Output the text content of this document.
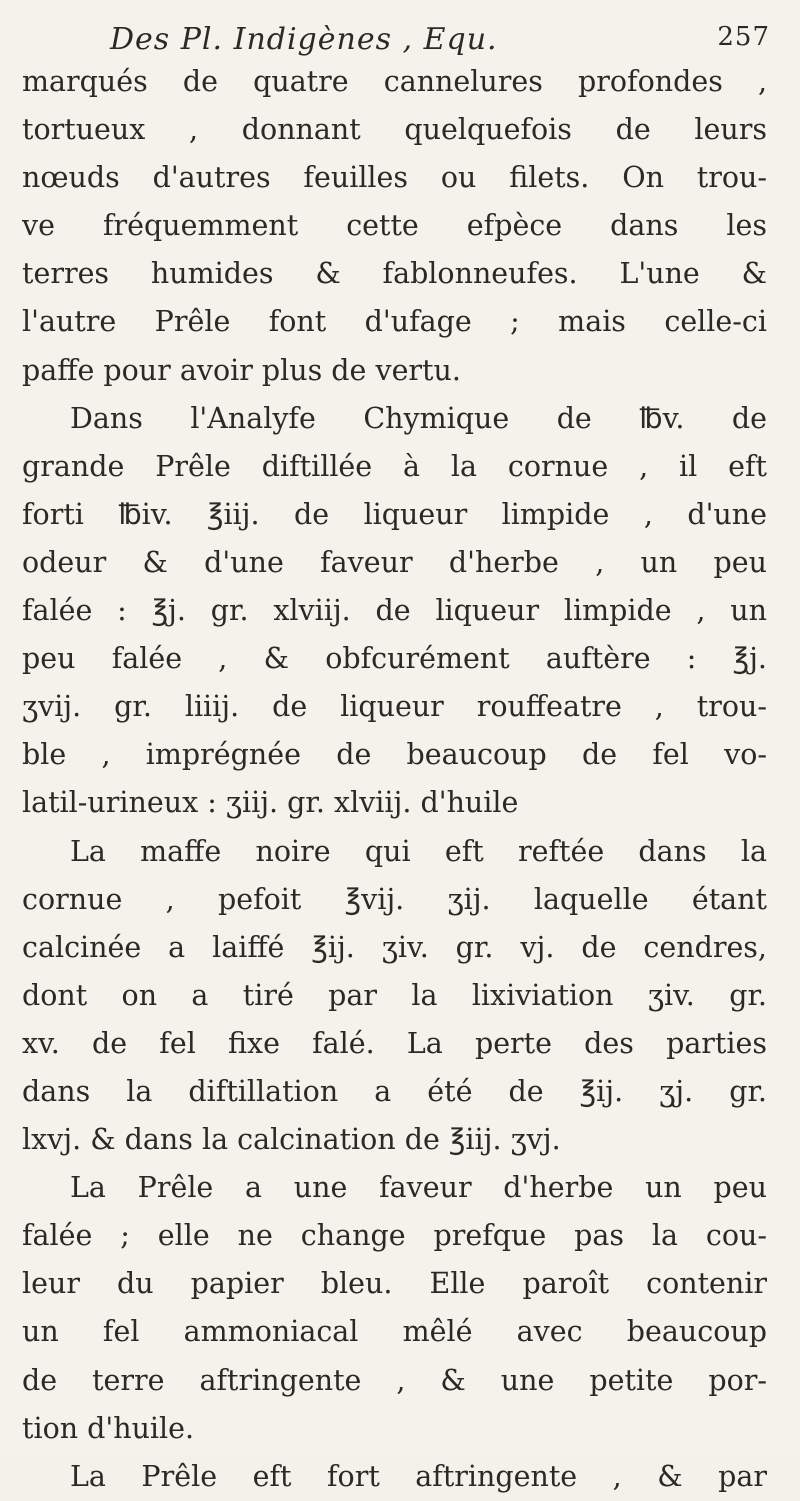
Des Pl. Indigènes , Equ.	257
marqués de quatre cannelures profondes ,
tortueux , donnant quelquefois de leurs
nœuds d'autres feuilles ou filets. On trou-
ve fréquemment cette efpèce dans les
terres humides & fablonneufes. L'une &
l'autre Prêle font d'ufage ; mais celle-ci
paffe pour avoir plus de vertu.
Dans l'Analyfe Chymique de ℔v. de
grande Prêle diftillée à la cornue , il eft
forti ℔iv. ℥iij. de liqueur limpide , d'une
odeur & d'une faveur d'herbe , un peu
falée : ℥j. gr. xlviij. de liqueur limpide , un
peu falée , & obfcurément auftère : ℥j.
ʒvij. gr. liiij. de liqueur rouffeatre , trou-
ble , imprégnée de beaucoup de fel vo-
latil-urineux : ʒiij. gr. xlviij. d'huile
La maffe noire qui eft reftée dans la
cornue , pefoit ℥vij. ʒij. laquelle étant
calcinée a laiffé ℥ij. ʒiv. gr. vj. de cendres,
dont on a tiré par la lixiviation ʒiv. gr.
xv. de fel fixe falé. La perte des parties
dans la diftillation a été de ℥ij. ʒj. gr.
lxvj. & dans la calcination de ℥iij. ʒvj.
La Prêle a une faveur d'herbe un peu
falée ; elle ne change prefque pas la cou-
leur du papier bleu. Elle paroît contenir
un fel ammoniacal mêlé avec beaucoup
de terre aftringente , & une petite por-
tion d'huile.
La Prêle eft fort aftringente , & par
